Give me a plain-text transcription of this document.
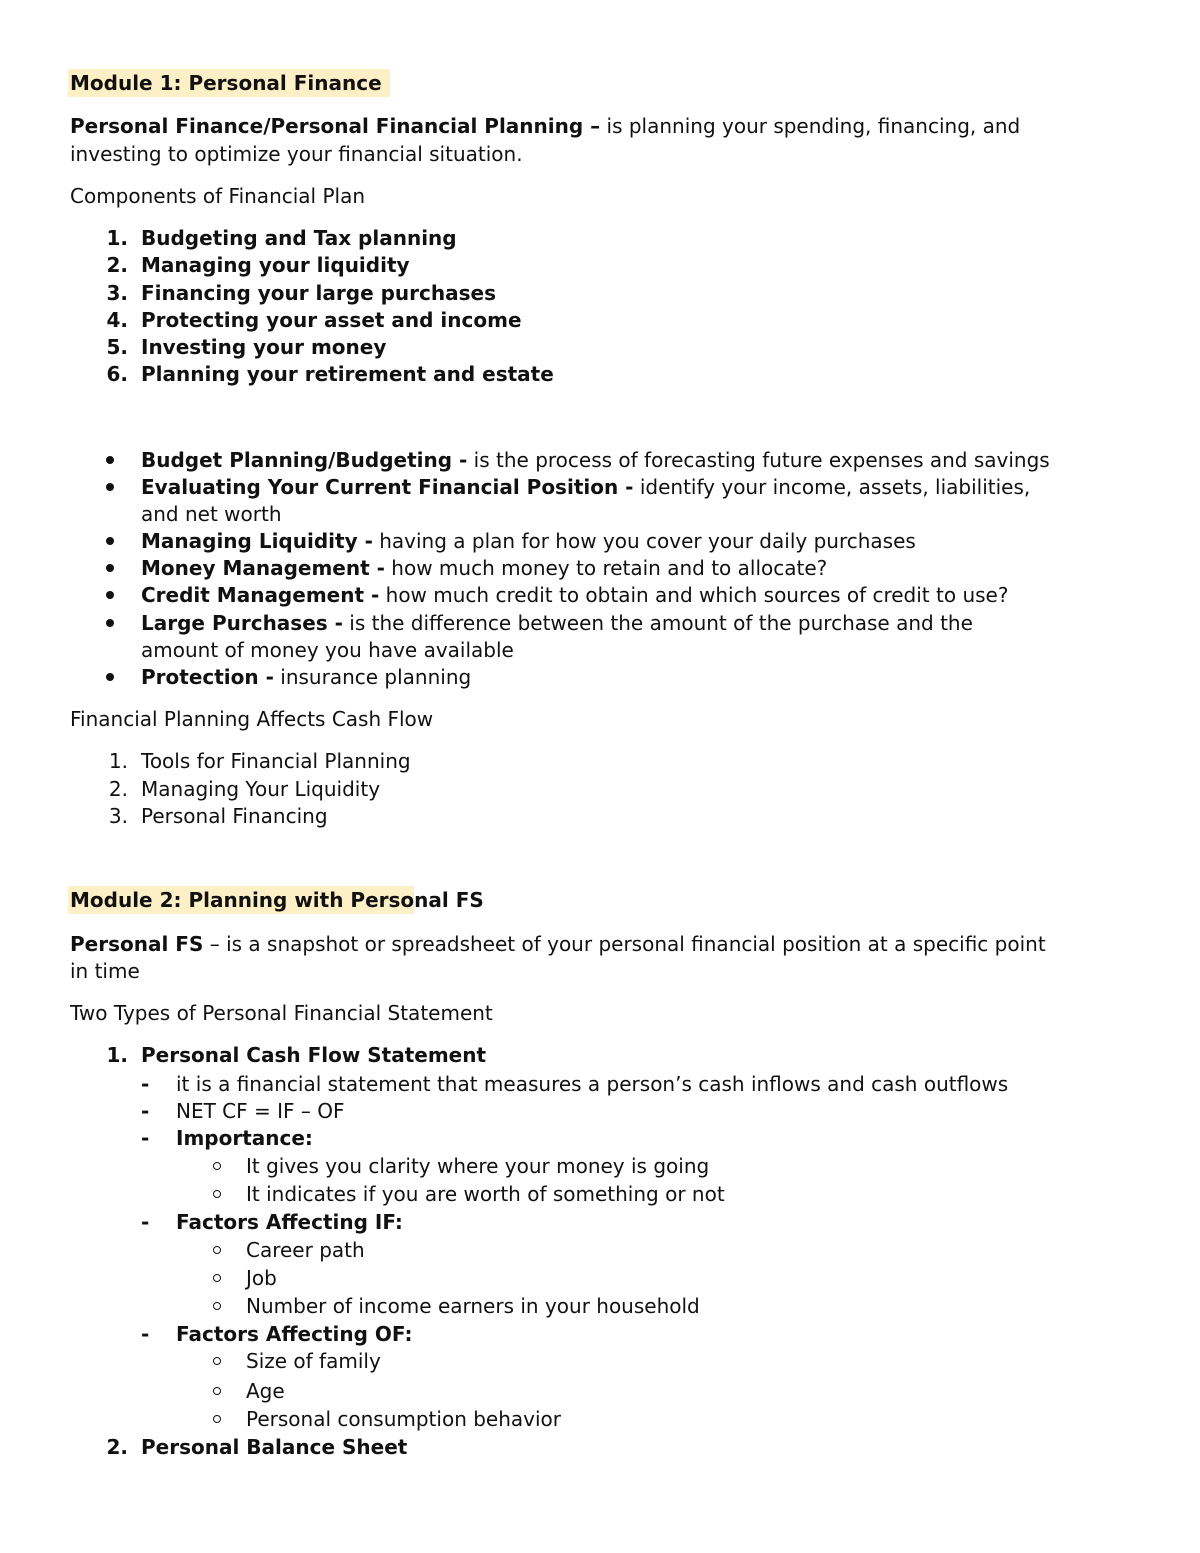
Module 1: Personal Finance
Personal Finance/Personal Financial Planning – is planning your spending, financing, and
investing to optimize your financial situation.
Components of Financial Plan
1. Budgeting and Tax planning
2. Managing your liquidity
3. Financing your large purchases
4. Protecting your asset and income
5. Investing your money
6. Planning your retirement and estate
Budget Planning/Budgeting - is the process of forecasting future expenses and savings
Evaluating Your Current Financial Position - identify your income, assets, liabilities,
and net worth
Managing Liquidity - having a plan for how you cover your daily purchases
Money Management - how much money to retain and to allocate?
Credit Management - how much credit to obtain and which sources of credit to use?
Large Purchases - is the difference between the amount of the purchase and the
amount of money you have available
Protection - insurance planning
Financial Planning Affects Cash Flow
1. Tools for Financial Planning
2. Managing Your Liquidity
3. Personal Financing
Module 2: Planning with Personal FS
Personal FS – is a snapshot or spreadsheet of your personal financial position at a specific point
in time
Two Types of Personal Financial Statement
1. Personal Cash Flow Statement
- it is a financial statement that measures a person’s cash inflows and cash outflows
- NET CF = IF – OF
- Importance:
It gives you clarity where your money is going
It indicates if you are worth of something or not
- Factors Affecting IF:
Career path
Job
Number of income earners in your household
- Factors Affecting OF:
Size of family
Age
Personal consumption behavior
2. Personal Balance Sheet
